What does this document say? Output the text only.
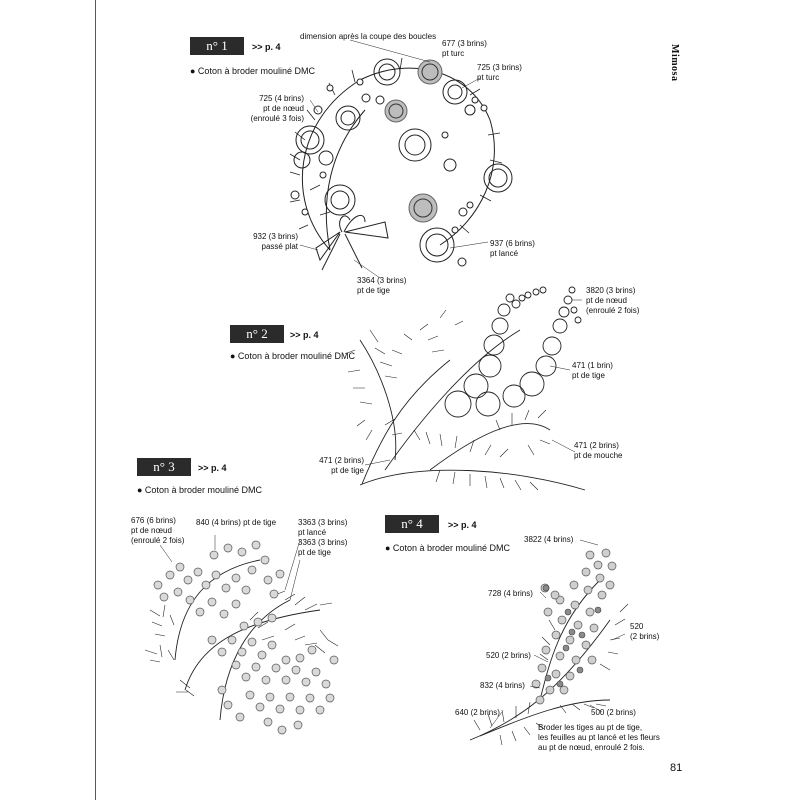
Mimosa
n° 1	>> p. 4
● Coton à broder mouliné DMC
dimension après la coupe des boucles
677 (3 brins)
pt turc
725 (3 brins)
pt turc
725 (4 brins)
pt de nœud
(enroulé 3 fois)
932 (3 brins)
passé plat	937 (6 brins)
pt lancé
3364 (3 brins)
pt de tige
n° 2	>> p. 4
● Coton à broder mouliné DMC
3820 (3 brins)
pt de nœud
(enroulé 2 fois)
471 (1 brin)
pt de tige
471 (2 brins)
pt de mouche
471 (2 brins)
pt de tige
n° 3	>> p. 4
● Coton à broder mouliné DMC
676 (6 brins)
pt de nœud
(enroulé 2 fois)
840 (4 brins) pt de tige	3363 (3 brins)
pt lancé
3363 (3 brins)
pt de tige
n° 4	>> p. 4
● Coton à broder mouliné DMC
3822 (4 brins)
728 (4 brins)
520
(2 brins)
520 (2 brins)
832 (4 brins)
640 (2 brins)	500 (2 brins)
Broder les tiges au pt de tige,
les feuilles au pt lancé et les fleurs
au pt de nœud, enroulé 2 fois.
81
